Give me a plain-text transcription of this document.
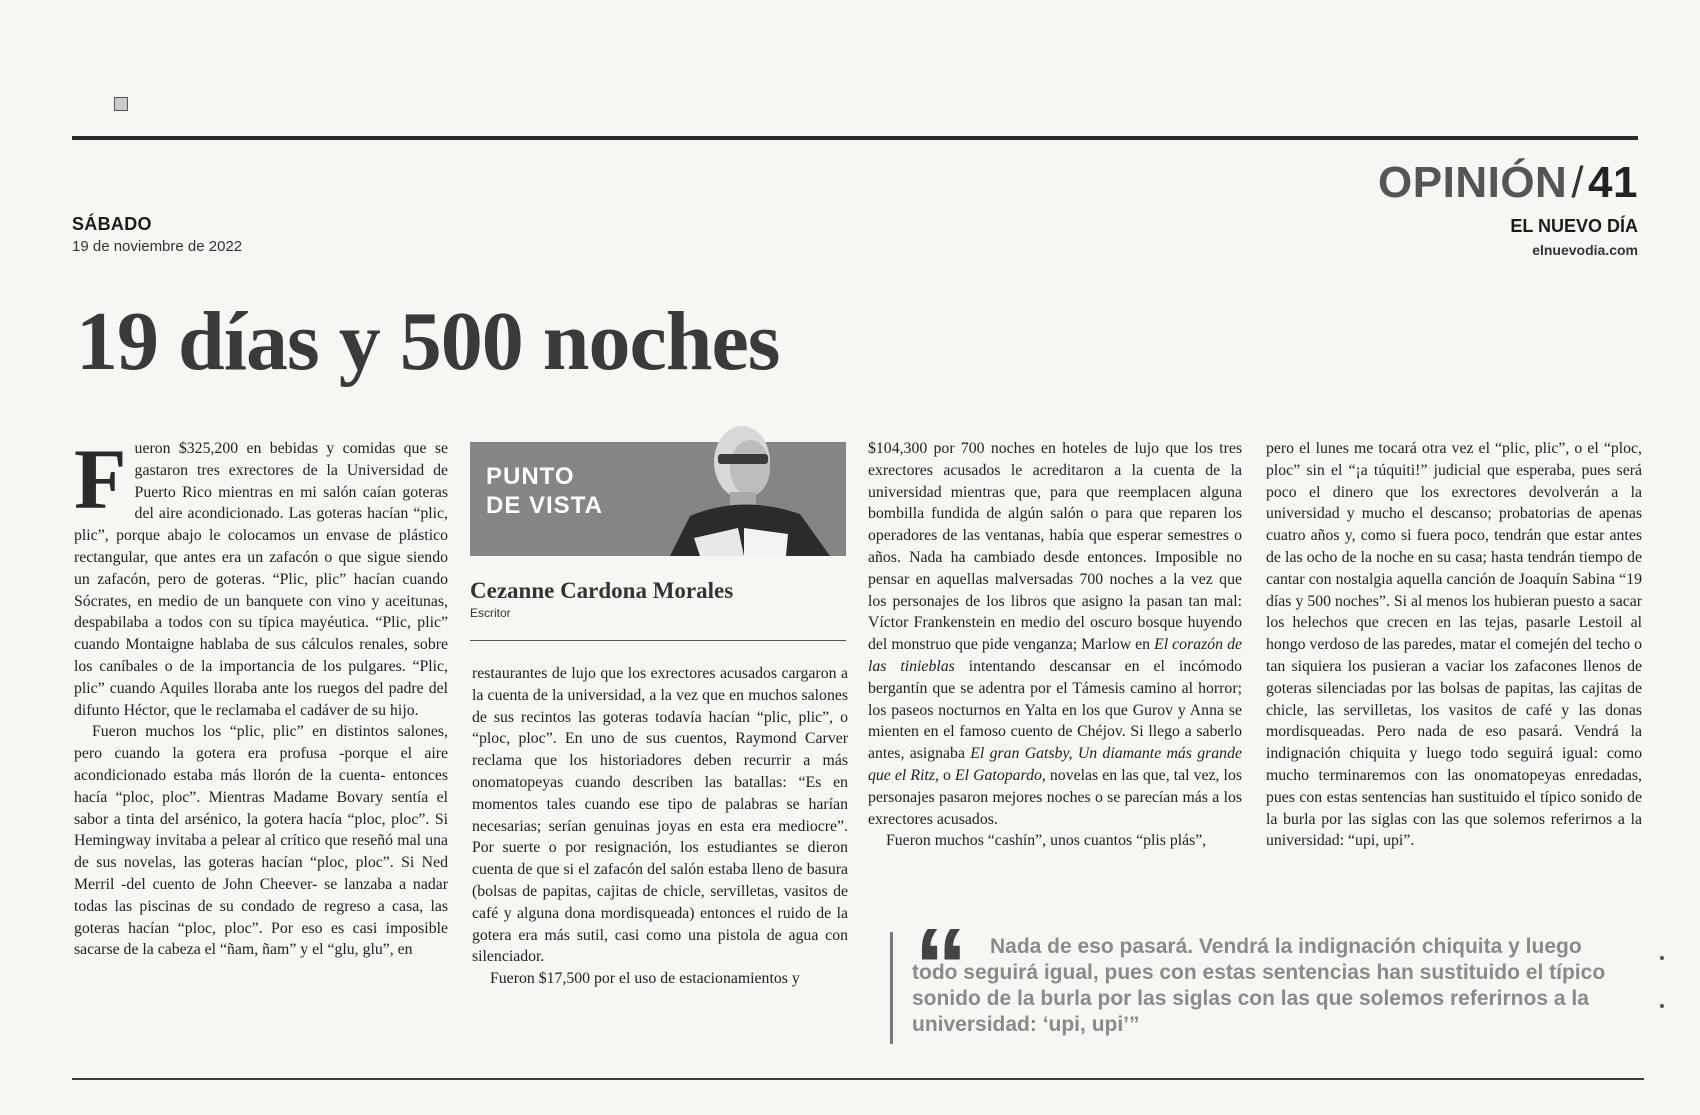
SÁBADO
19 de noviembre de 2022
OPINIÓN/41
EL NUEVO DÍA
elnuevodia.com
19 días y 500 noches

Fueron $325,200 en bebidas y comidas que se gastaron tres exrectores de la Universidad de Puerto Rico mientras en mi salón caían goteras del aire acondicionado. Las goteras hacían “plic, plic”, porque abajo le colocamos un envase de plástico rectangular, que antes era un zafacón o que sigue siendo un zafacón, pero de goteras. “Plic, plic” hacían cuando Sócrates, en medio de un banquete con vino y aceitunas, despabilaba a todos con su típica mayéutica. “Plic, plic” cuando Montaigne hablaba de sus cálculos renales, sobre los caníbales o de la importancia de los pulgares. “Plic, plic” cuando Aquiles lloraba ante los ruegos del padre del difunto Héctor, que le reclamaba el cadáver de su hijo.

Fueron muchos los “plic, plic” en distintos salones, pero cuando la gotera era profusa -porque el aire acondicionado estaba más llorón de la cuenta- entonces hacía “ploc, ploc”. Mientras Madame Bovary sentía el sabor a tinta del arsénico, la gotera hacía “ploc, ploc”. Si Hemingway invitaba a pelear al crítico que reseñó mal una de sus novelas, las goteras hacían “ploc, ploc”. Si Ned Merril -del cuento de John Cheever- se lanzaba a nadar todas las piscinas de su condado de regreso a casa, las goteras hacían “ploc, ploc”. Por eso es casi imposible sacarse de la cabeza el “ñam, ñam” y el “glu, glu”, en

PUNTO
DE VISTA
Cezanne Cardona Morales
Escritor

restaurantes de lujo que los exrectores acusados cargaron a la cuenta de la universidad, a la vez que en muchos salones de sus recintos las goteras todavía hacían “plic, plic”, o “ploc, ploc”. En uno de sus cuentos, Raymond Carver reclama que los historiadores deben recurrir a más onomatopeyas cuando describen las batallas: “Es en momentos tales cuando ese tipo de palabras se harían necesarias; serían genuinas joyas en esta era mediocre”. Por suerte o por resignación, los estudiantes se dieron cuenta de que si el zafacón del salón estaba lleno de basura (bolsas de papitas, cajitas de chicle, servilletas, vasitos de café y alguna dona mordisqueada) entonces el ruido de la gotera era más sutil, casi como una pistola de agua con silenciador.

Fueron $17,500 por el uso de estacionamientos y

$104,300 por 700 noches en hoteles de lujo que los tres exrectores acusados le acreditaron a la cuenta de la universidad mientras que, para que reemplacen alguna bombilla fundida de algún salón o para que reparen los operadores de las ventanas, había que esperar semestres o años. Nada ha cambiado desde entonces. Imposible no pensar en aquellas malversadas 700 noches a la vez que los personajes de los libros que asigno la pasan tan mal: Víctor Frankenstein en medio del oscuro bosque huyendo del monstruo que pide venganza; Marlow en El corazón de las tinieblas intentando descansar en el incómodo bergantín que se adentra por el Támesis camino al horror; los paseos nocturnos en Yalta en los que Gurov y Anna se mienten en el famoso cuento de Chéjov. Si llego a saberlo antes, asignaba El gran Gatsby, Un diamante más grande que el Ritz, o El Gatopardo, novelas en las que, tal vez, los personajes pasaron mejores noches o se parecían más a los exrectores acusados.

Fueron muchos “cashín”, unos cuantos “plis plás”,

pero el lunes me tocará otra vez el “plic, plic”, o el “ploc, ploc” sin el “¡a túquiti!” judicial que esperaba, pues será poco el dinero que los exrectores devolverán a la universidad y mucho el descanso; probatorias de apenas cuatro años y, como si fuera poco, tendrán que estar antes de las ocho de la noche en su casa; hasta tendrán tiempo de cantar con nostalgia aquella canción de Joaquín Sabina “19 días y 500 noches”. Si al menos los hubieran puesto a sacar los helechos que crecen en las tejas, pasarle Lestoil al hongo verdoso de las paredes, matar el comején del techo o tan siquiera los pusieran a vaciar los zafacones llenos de goteras silenciadas por las bolsas de papitas, las cajitas de chicle, las servilletas, los vasitos de café y las donas mordisqueadas. Pero nada de eso pasará. Vendrá la indignación chiquita y luego todo seguirá igual: como mucho terminaremos con las onomatopeyas enredadas, pues con estas sentencias han sustituido el típico sonido de la burla por las siglas con las que solemos referirnos a la universidad: “upi, upi”.

“	Nada de eso pasará. Vendrá la indignación chiquita y luego todo seguirá igual, pues con estas sentencias han sustituido el típico sonido de la burla por las siglas con las que solemos referirnos a la universidad: ‘upi, upi’”
